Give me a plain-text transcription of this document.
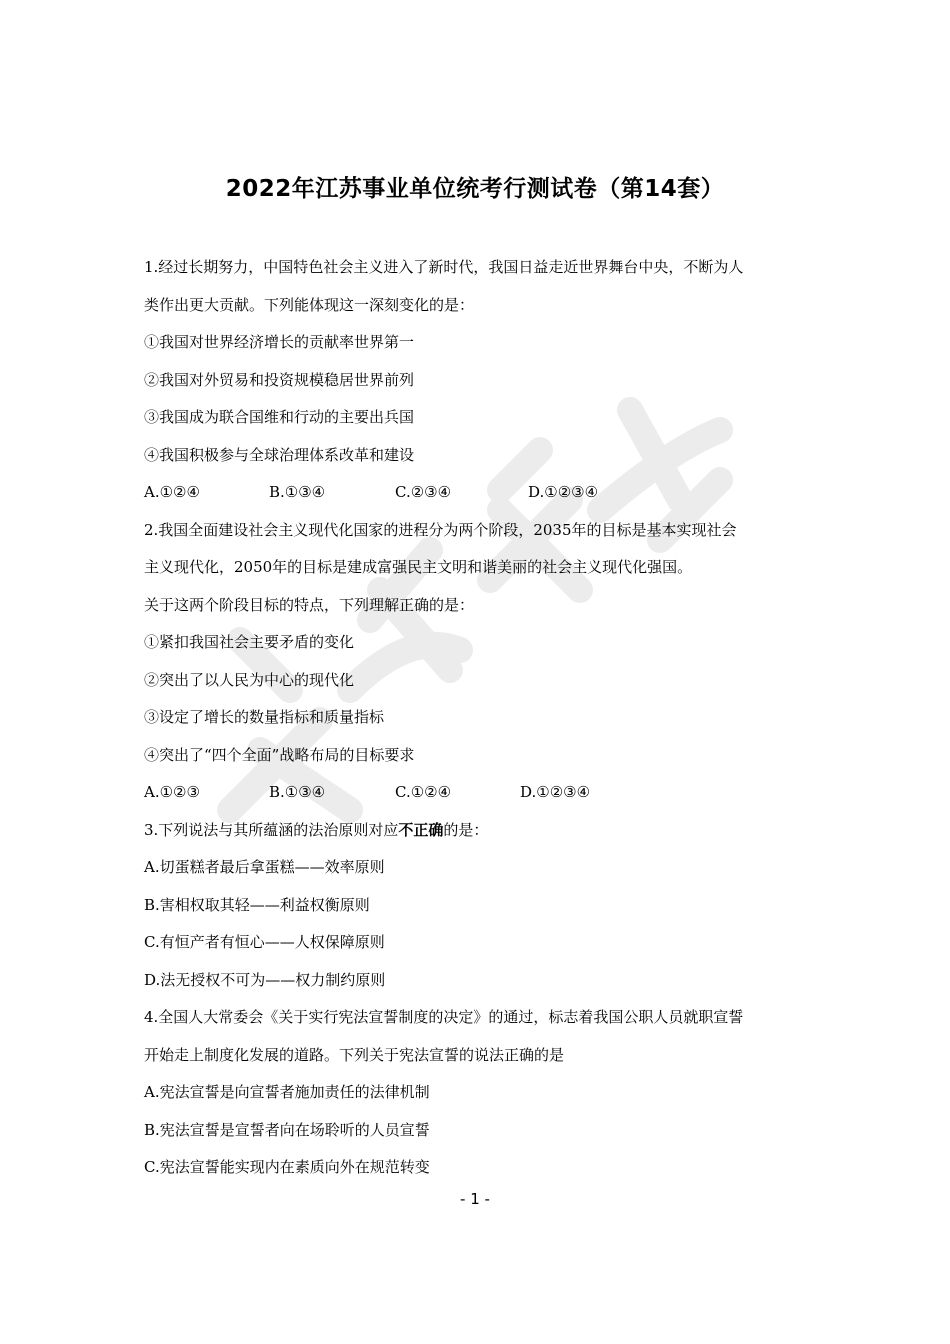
2022年江苏事业单位统考行测试卷（第14套）
1.经过长期努力，中国特色社会主义进入了新时代，我国日益走近世界舞台中央，不断为人
类作出更大贡献。下列能体现这一深刻变化的是：
①我国对世界经济增长的贡献率世界第一
②我国对外贸易和投资规模稳居世界前列
③我国成为联合国维和行动的主要出兵国
④我国积极参与全球治理体系改革和建设
A.①②④	B.①③④	C.②③④	D.①②③④
2.我国全面建设社会主义现代化国家的进程分为两个阶段，2035年的目标是基本实现社会
主义现代化，2050年的目标是建成富强民主文明和谐美丽的社会主义现代化强国。
关于这两个阶段目标的特点，下列理解正确的是：
①紧扣我国社会主要矛盾的变化
②突出了以人民为中心的现代化
③设定了增长的数量指标和质量指标
④突出了“四个全面”战略布局的目标要求
A.①②③	B.①③④	C.①②④	D.①②③④
3.下列说法与其所蕴涵的法治原则对应不正确的是：
A.切蛋糕者最后拿蛋糕——效率原则
B.害相权取其轻——利益权衡原则
C.有恒产者有恒心——人权保障原则
D.法无授权不可为——权力制约原则
4.全国人大常委会《关于实行宪法宣誓制度的决定》的通过，标志着我国公职人员就职宣誓
开始走上制度化发展的道路。下列关于宪法宣誓的说法正确的是
A.宪法宣誓是向宣誓者施加责任的法律机制
B.宪法宣誓是宣誓者向在场聆听的人员宣誓
C.宪法宣誓能实现内在素质向外在规范转变
- 1 -
